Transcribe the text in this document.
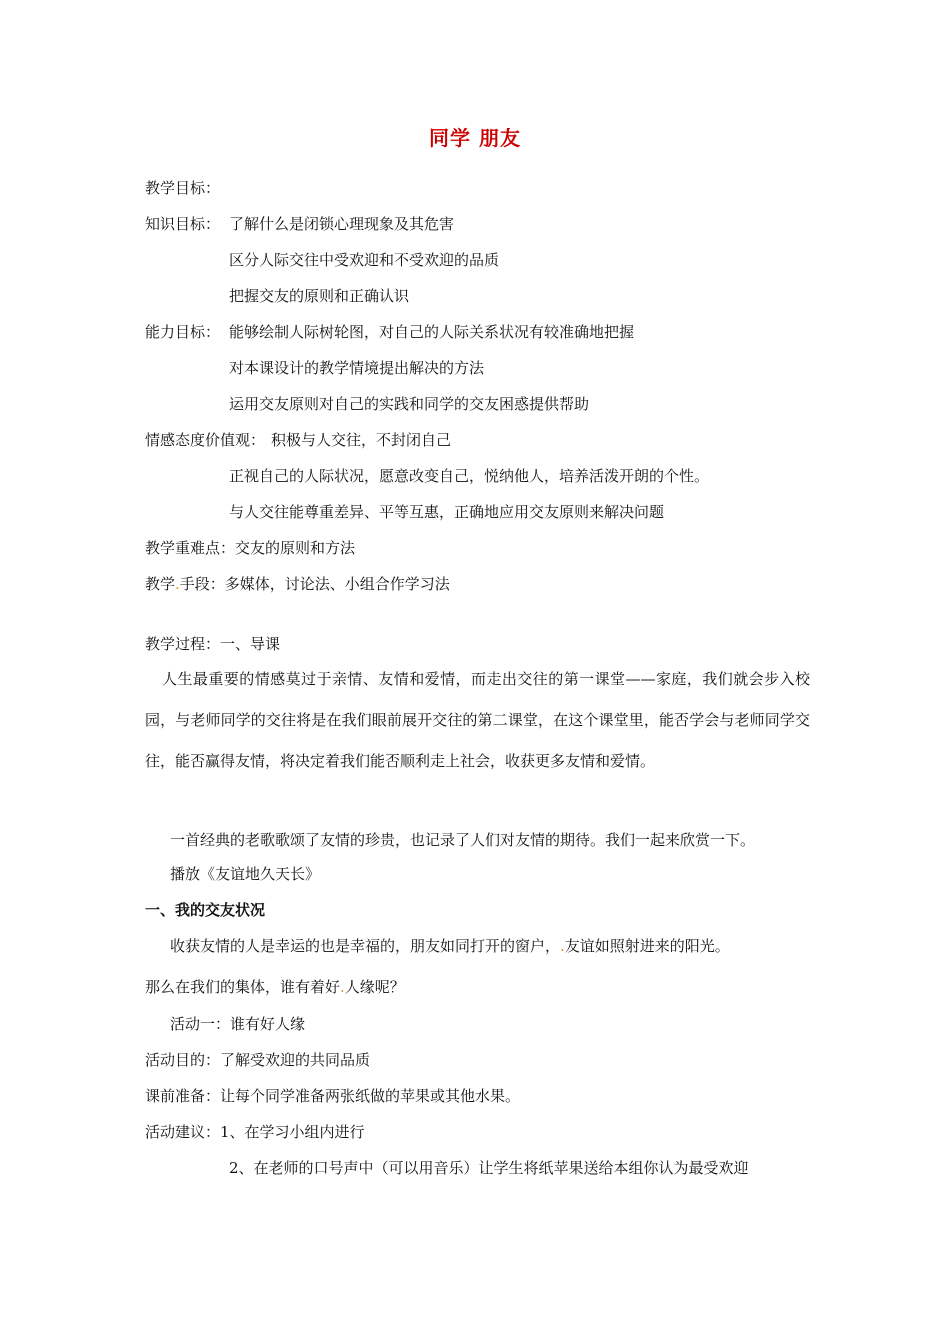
同学 朋友
教学目标：
知识目标： 了解什么是闭锁心理现象及其危害
区分人际交往中受欢迎和不受欢迎的品质
把握交友的原则和正确认识
能力目标： 能够绘制人际树轮图，对自己的人际关系状况有较准确地把握
对本课设计的教学情境提出解决的方法
运用交友原则对自己的实践和同学的交友困惑提供帮助
情感态度价值观： 积极与人交往，不封闭自己
正视自己的人际状况，愿意改变自己，悦纳他人，培养活泼开朗的个性。
与人交往能尊重差异、平等互惠，正确地应用交友原则来解决问题
教学重难点：交友的原则和方法
教学.手段：多媒体，讨论法、小组合作学习法
教学过程：一、导课
人生最重要的情感莫过于亲情、友情和爱情，而走出交往的第一课堂——家庭，我们就会步入校园，与老师同学的交往将是在我们眼前展开交往的第二课堂，在这个课堂里，能否学会与老师同学交往，能否赢得友情，将决定着我们能否顺利走上社会，收获更多友情和爱情。
一首经典的老歌歌颂了友情的珍贵，也记录了人们对友情的期待。我们一起来欣赏一下。
播放《友谊地久天长》
一、我的交友状况
收获友情的人是幸运的也是幸福的，朋友如同打开的窗户，.友谊如照射进来的阳光。
那么在我们的集体，谁有着好.人缘呢？
活动一：谁有好人缘
活动目的：了解受欢迎的共同品质
课前准备：让每个同学准备两张纸做的苹果或其他水果。
活动建议：1、在学习小组内进行
2、在老师的口号声中（可以用音乐）让学生将纸苹果送给本组你认为最受欢迎
